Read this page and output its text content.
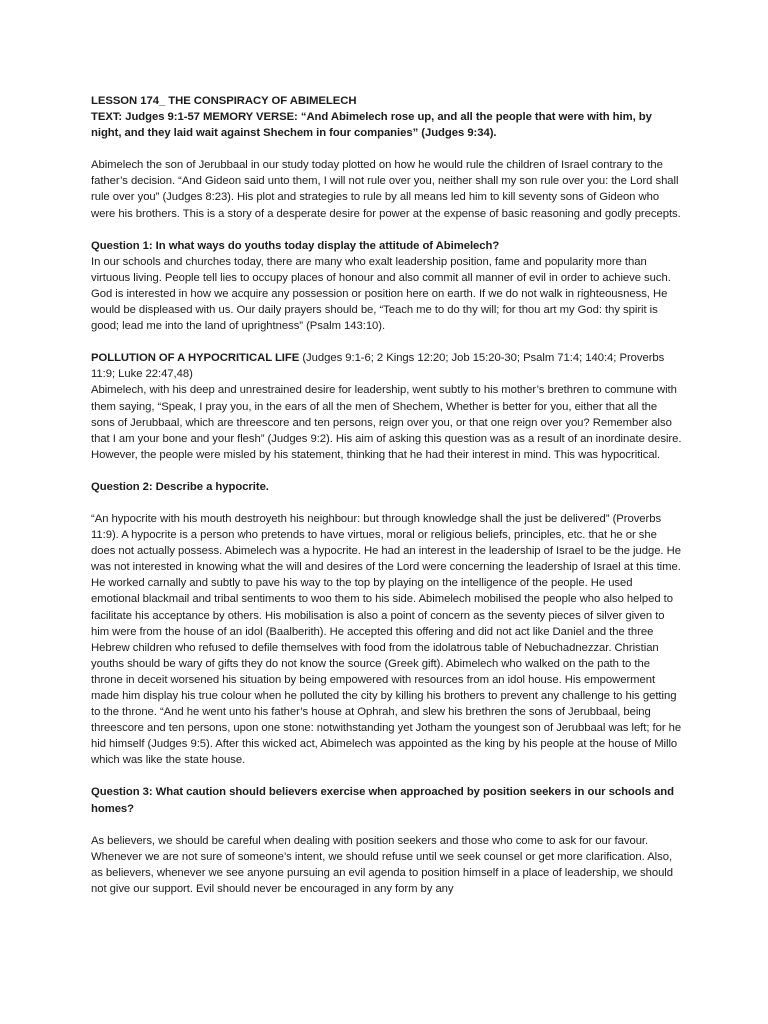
LESSON 174_ THE CONSPIRACY OF ABIMELECH

TEXT: Judges 9:1-57 MEMORY VERSE: “And Abimelech rose up, and all the people that were with him, by night, and they laid wait against Shechem in four companies” (Judges 9:34).

Abimelech the son of Jerubbaal in our study today plotted on how he would rule the children of Israel contrary to the father’s decision. “And Gideon said unto them, I will not rule over you, neither shall my son rule over you: the Lord shall rule over you” (Judges 8:23). His plot and strategies to rule by all means led him to kill seventy sons of Gideon who were his brothers. This is a story of a desperate desire for power at the expense of basic reasoning and godly precepts.

Question 1: In what ways do youths today display the attitude of Abimelech?

In our schools and churches today, there are many who exalt leadership position, fame and popularity more than virtuous living. People tell lies to occupy places of honour and also commit all manner of evil in order to achieve such. God is interested in how we acquire any possession or position here on earth. If we do not walk in righteousness, He would be displeased with us. Our daily prayers should be, “Teach me to do thy will; for thou art my God: thy spirit is good; lead me into the land of uprightness” (Psalm 143:10).

POLLUTION OF A HYPOCRITICAL LIFE (Judges 9:1-6; 2 Kings 12:20; Job 15:20-30; Psalm 71:4; 140:4; Proverbs 11:9; Luke 22:47,48)

Abimelech, with his deep and unrestrained desire for leadership, went subtly to his mother’s brethren to commune with them saying, “Speak, I pray you, in the ears of all the men of Shechem, Whether is better for you, either that all the sons of Jerubbaal, which are threescore and ten persons, reign over you, or that one reign over you? Remember also that I am your bone and your flesh” (Judges 9:2). His aim of asking this question was as a result of an inordinate desire. However, the people were misled by his statement, thinking that he had their interest in mind. This was hypocritical.

Question 2: Describe a hypocrite.

“An hypocrite with his mouth destroyeth his neighbour: but through knowledge shall the just be delivered” (Proverbs 11:9). A hypocrite is a person who pretends to have virtues, moral or religious beliefs, principles, etc. that he or she does not actually possess. Abimelech was a hypocrite. He had an interest in the leadership of Israel to be the judge. He was not interested in knowing what the will and desires of the Lord were concerning the leadership of Israel at this time. He worked carnally and subtly to pave his way to the top by playing on the intelligence of the people. He used emotional blackmail and tribal sentiments to woo them to his side. Abimelech mobilised the people who also helped to facilitate his acceptance by others. His mobilisation is also a point of concern as the seventy pieces of silver given to him were from the house of an idol (Baalberith). He accepted this offering and did not act like Daniel and the three Hebrew children who refused to defile themselves with food from the idolatrous table of Nebuchadnezzar. Christian youths should be wary of gifts they do not know the source (Greek gift). Abimelech who walked on the path to the throne in deceit worsened his situation by being empowered with resources from an idol house. His empowerment made him display his true colour when he polluted the city by killing his brothers to prevent any challenge to his getting to the throne. “And he went unto his father’s house at Ophrah, and slew his brethren the sons of Jerubbaal, being threescore and ten persons, upon one stone: notwithstanding yet Jotham the youngest son of Jerubbaal was left; for he hid himself (Judges 9:5). After this wicked act, Abimelech was appointed as the king by his people at the house of Millo which was like the state house.

Question 3: What caution should believers exercise when approached by position seekers in our schools and homes?

As believers, we should be careful when dealing with position seekers and those who come to ask for our favour. Whenever we are not sure of someone’s intent, we should refuse until we seek counsel or get more clarification. Also, as believers, whenever we see anyone pursuing an evil agenda to position himself in a place of leadership, we should not give our support. Evil should never be encouraged in any form by any
